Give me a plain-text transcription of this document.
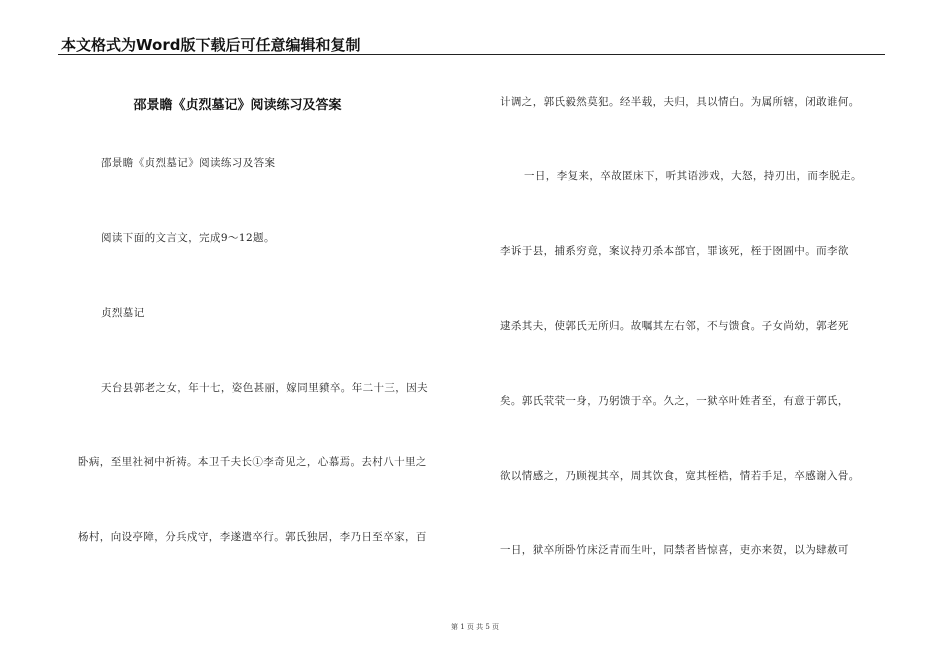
本文格式为Word版下载后可任意编辑和复制
邵景瞻《贞烈墓记》阅读练习及答案
邵景瞻《贞烈墓记》阅读练习及答案
阅读下面的文言文，完成9～12题。
贞烈墓记
天台县郭老之女，年十七，姿色甚丽，嫁同里豮卒。年二十三，因夫
卧病，至里社祠中祈祷。本卫千夫长①李奇见之，心慕焉。去村八十里之
杨村，向设亭障，分兵戍守，李遂遣卒行。郭氏独居，李乃日至卒家，百
计调之，郭氏毅然莫犯。经半载，夫归，具以情白。为属所辖，闭敢谁何。
一日，李复来，卒故匿床下，听其语涉戏，大怒，持刃出，而李脱走。
李诉于县，捕系穷竟，案议持刃杀本部官，罪该死，桎于囹圄中。而李欲
逮杀其夫，使郭氏无所归。故嘱其左右邻，不与馈食。子女尚幼，郭老死
矣。郭氏茕茕一身，乃躬馈于卒。久之，一狱卒叶姓者至，有意于郭氏，
欲以情感之，乃顾视其卒，周其饮食，宽其桎梏，情若手足，卒感谢入骨。
一日，狱卒所卧竹床泛青而生叶，同禁者皆惊喜，吏亦来贺，以为肆赦可
第 1 页 共 5 页
